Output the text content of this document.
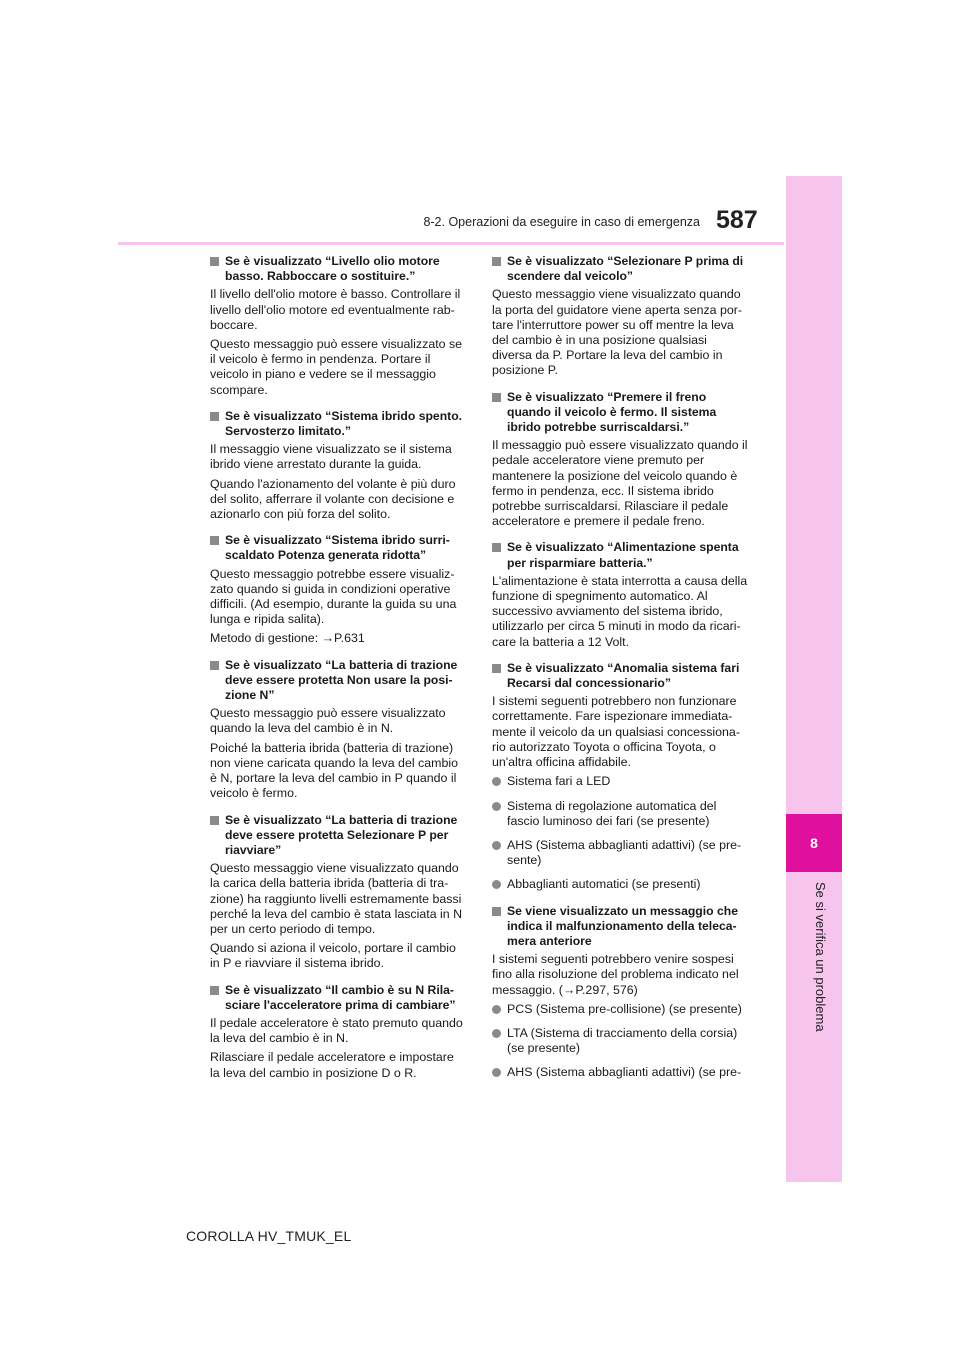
8
Se si verifica un problema
8-2. Operazioni da eseguire in caso di emergenza 587
Se è visualizzato “Livello olio motore basso. Rabboccare o sostituire.”

Il livello dell'olio motore è basso. Controllare il livello dell'olio motore ed eventualmente rab-boccare.

Questo messaggio può essere visualizzato se il veicolo è fermo in pendenza. Portare il veicolo in piano e vedere se il messaggio scompare.

Se è visualizzato “Sistema ibrido spento. Servosterzo limitato.”

Il messaggio viene visualizzato se il sistema ibrido viene arrestato durante la guida.

Quando l'azionamento del volante è più duro del solito, afferrare il volante con decisione e azionarlo con più forza del solito.

Se è visualizzato “Sistema ibrido surri-scaldato Potenza generata ridotta”

Questo messaggio potrebbe essere visualiz-zato quando si guida in condizioni operative difficili. (Ad esempio, durante la guida su una lunga e ripida salita).

Metodo di gestione: →P.631

Se è visualizzato “La batteria di trazione deve essere protetta Non usare la posi-zione N”

Questo messaggio può essere visualizzato quando la leva del cambio è in N.

Poiché la batteria ibrida (batteria di trazione) non viene caricata quando la leva del cambio è N, portare la leva del cambio in P quando il veicolo è fermo.

Se è visualizzato “La batteria di trazione deve essere protetta Selezionare P per riavviare”

Questo messaggio viene visualizzato quando la carica della batteria ibrida (batteria di tra-zione) ha raggiunto livelli estremamente bassi perché la leva del cambio è stata lasciata in N per un certo periodo di tempo.

Quando si aziona il veicolo, portare il cambio in P e riavviare il sistema ibrido.

Se è visualizzato “Il cambio è su N Rila-sciare l'acceleratore prima di cambiare”

Il pedale acceleratore è stato premuto quando la leva del cambio è in N.

Rilasciare il pedale acceleratore e impostare la leva del cambio in posizione D o R.

Se è visualizzato “Selezionare P prima di scendere dal veicolo”

Questo messaggio viene visualizzato quando la porta del guidatore viene aperta senza por-tare l'interruttore power su off mentre la leva del cambio è in una posizione qualsiasi diversa da P. Portare la leva del cambio in posizione P.

Se è visualizzato “Premere il freno quando il veicolo è fermo. Il sistema ibrido potrebbe surriscaldarsi.”

Il messaggio può essere visualizzato quando il pedale acceleratore viene premuto per mantenere la posizione del veicolo quando è fermo in pendenza, ecc. Il sistema ibrido potrebbe surriscaldarsi. Rilasciare il pedale acceleratore e premere il pedale freno.

Se è visualizzato “Alimentazione spenta per risparmiare batteria.”

L'alimentazione è stata interrotta a causa della funzione di spegnimento automatico. Al successivo avviamento del sistema ibrido, utilizzarlo per circa 5 minuti in modo da ricari-care la batteria a 12 Volt.

Se è visualizzato “Anomalia sistema fari Recarsi dal concessionario”

I sistemi seguenti potrebbero non funzionare correttamente. Fare ispezionare immediata-mente il veicolo da un qualsiasi concessiona-rio autorizzato Toyota o officina Toyota, o un'altra officina affidabile.

Sistema fari a LED
Sistema di regolazione automatica del fascio luminoso dei fari (se presente)
AHS (Sistema abbaglianti adattivi) (se pre-sente)
Abbaglianti automatici (se presenti)
Se viene visualizzato un messaggio che indica il malfunzionamento della teleca-mera anteriore

I sistemi seguenti potrebbero venire sospesi fino alla risoluzione del problema indicato nel messaggio. (→P.297, 576)

PCS (Sistema pre-collisione) (se presente)
LTA (Sistema di tracciamento della corsia) (se presente)
AHS (Sistema abbaglianti adattivi) (se pre-
COROLLA HV_TMUK_EL
